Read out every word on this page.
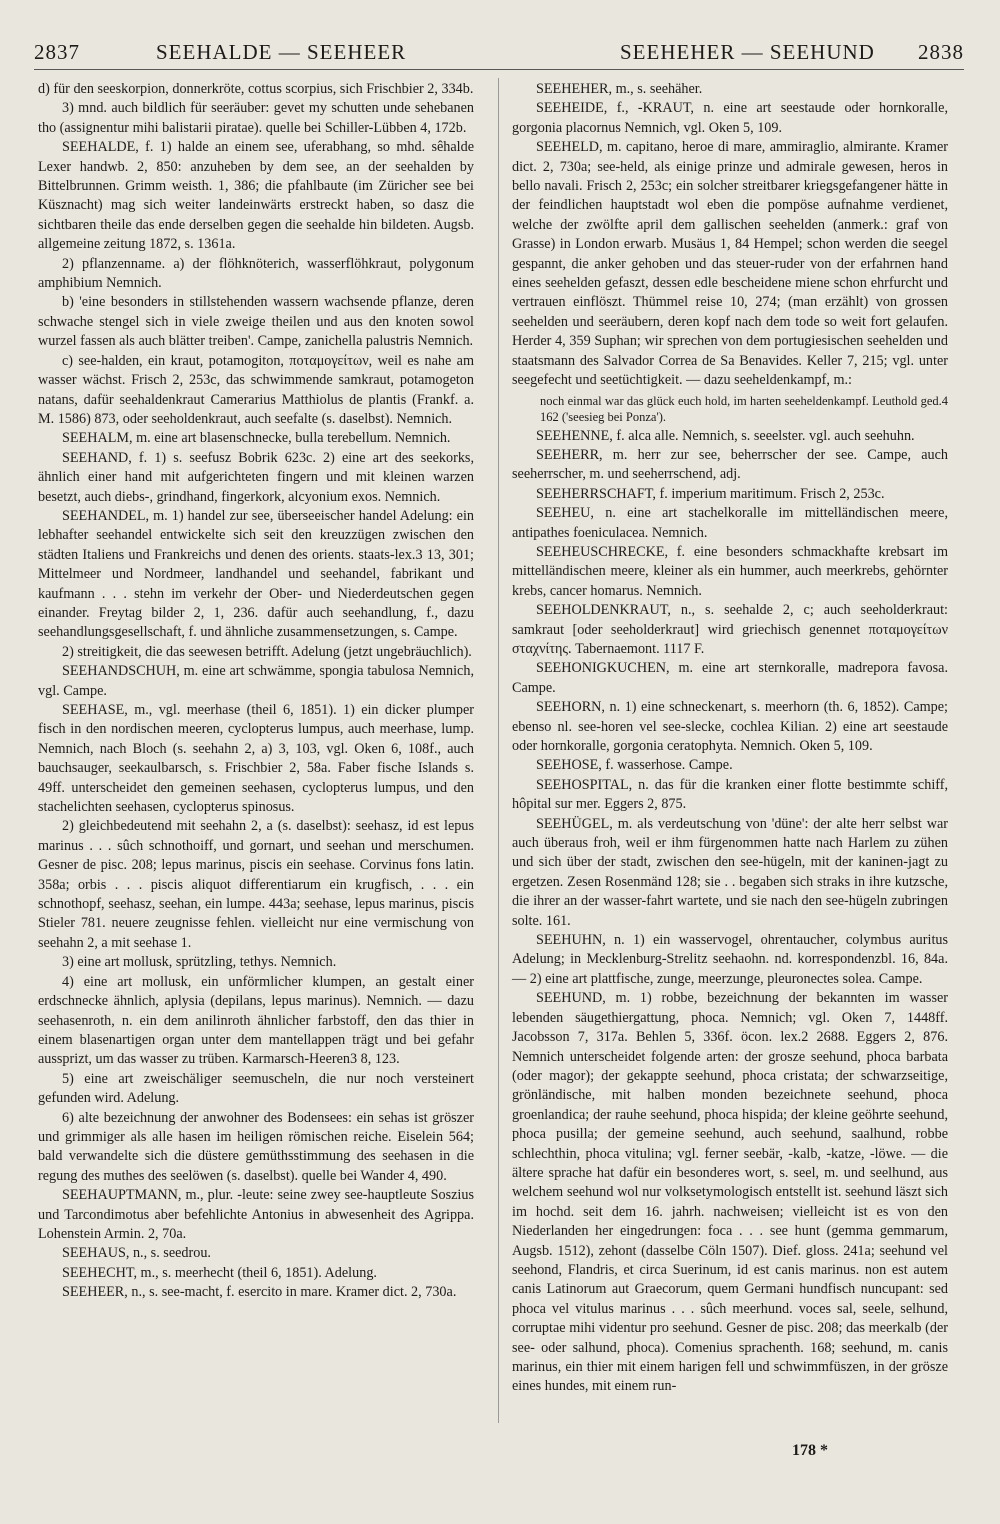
2837	SEEHALDE — SEEHEER	SEEHEHER — SEEHUND 2838

d) für den seeskorpion, donnerkröte, cottus scorpius, sich Frischbier 2, 334b.

3) mnd. auch bildlich für seeräuber: gevet my schutten unde sehebanen tho (assignentur mihi balistarii piratae). quelle bei Schiller-Lübben 4, 172b.

SEEHALDE, f. 1) halde an einem see, uferabhang, so mhd. sêhalde Lexer handwb. 2, 850: anzuheben by dem see, an der seehalden by Bittelbrunnen. Grimm weisth. 1, 386; die pfahlbaute (im Züricher see bei Küsznacht) mag sich weiter landeinwärts erstreckt haben, so dasz die sichtbaren theile das ende derselben gegen die seehalde hin bildeten. Augsb. allgemeine zeitung 1872, s. 1361a.

2) pflanzenname. a) der flöhknöterich, wasserflöhkraut, polygonum amphibium Nemnich.

b) 'eine besonders in stillstehenden wassern wachsende pflanze, deren schwache stengel sich in viele zweige theilen und aus den knoten sowol wurzel fassen als auch blätter treiben'. Campe, zanichella palustris Nemnich.

c) see-halden, ein kraut, potamogiton, ποταμογείτων, weil es nahe am wasser wächst. Frisch 2, 253c, das schwimmende samkraut, potamogeton natans, dafür seehaldenkraut Camerarius Matthiolus de plantis (Frankf. a. M. 1586) 873, oder seeholdenkraut, auch seefalte (s. daselbst). Nemnich.

SEEHALM, m. eine art blasenschnecke, bulla terebellum. Nemnich.

SEEHAND, f. 1) s. seefusz Bobrik 623c. 2) eine art des seekorks, ähnlich einer hand mit aufgerichteten fingern und mit kleinen warzen besetzt, auch diebs-, grindhand, fingerkork, alcyonium exos. Nemnich.

SEEHANDEL, m. 1) handel zur see, überseeischer handel Adelung: ein lebhafter seehandel entwickelte sich seit den kreuzzügen zwischen den städten Italiens und Frankreichs und denen des orients. staats-lex.3 13, 301; Mittelmeer und Nordmeer, landhandel und seehandel, fabrikant und kaufmann . . . stehn im verkehr der Ober- und Niederdeutschen gegen einander. Freytag bilder 2, 1, 236. dafür auch seehandlung, f., dazu seehandlungsgesellschaft, f. und ähnliche zusammensetzungen, s. Campe.

2) streitigkeit, die das seewesen betrifft. Adelung (jetzt ungebräuchlich).

SEEHANDSCHUH, m. eine art schwämme, spongia tabulosa Nemnich, vgl. Campe.

SEEHASE, m., vgl. meerhase (theil 6, 1851). 1) ein dicker plumper fisch in den nordischen meeren, cyclopterus lumpus, auch meerhase, lump. Nemnich, nach Bloch (s. seehahn 2, a) 3, 103, vgl. Oken 6, 108f., auch bauchsauger, seekaulbarsch, s. Frischbier 2, 58a. Faber fische Islands s. 49ff. unterscheidet den gemeinen seehasen, cyclopterus lumpus, und den stachelichten seehasen, cyclopterus spinosus.

2) gleichbedeutend mit seehahn 2, a (s. daselbst): seehasz, id est lepus marinus . . . sûch schnothoiff, und gornart, und seehan und merschumen. Gesner de pisc. 208; lepus marinus, piscis ein seehase. Corvinus fons latin. 358a; orbis . . . piscis aliquot differentiarum ein krugfisch, . . . ein schnothopf, seehasz, seehan, ein lumpe. 443a; seehase, lepus marinus, piscis Stieler 781. neuere zeugnisse fehlen. vielleicht nur eine vermischung von seehahn 2, a mit seehase 1.

3) eine art mollusk, sprützling, tethys. Nemnich.

4) eine art mollusk, ein unförmlicher klumpen, an gestalt einer erdschnecke ähnlich, aplysia (depilans, lepus marinus). Nemnich. — dazu seehasenroth, n. ein dem anilinroth ähnlicher farbstoff, den das thier in einem blasenartigen organ unter dem mantellappen trägt und bei gefahr aussprizt, um das wasser zu trüben. Karmarsch-Heeren3 8, 123.

5) eine art zweischäliger seemuscheln, die nur noch versteinert gefunden wird. Adelung.

6) alte bezeichnung der anwohner des Bodensees: ein sehas ist gröszer und grimmiger als alle hasen im heiligen römischen reiche. Eiselein 564; bald verwandelte sich die düstere gemüthsstimmung des seehasen in die regung des muthes des seelöwen (s. daselbst). quelle bei Wander 4, 490.

SEEHAUPTMANN, m., plur. -leute: seine zwey see-hauptleute Soszius und Tarcondimotus aber befehlichte Antonius in abwesenheit des Agrippa. Lohenstein Armin. 2, 70a.

SEEHAUS, n., s. seedrou.

SEEHECHT, m., s. meerhecht (theil 6, 1851). Adelung.

SEEHEER, n., s. see-macht, f. esercito in mare. Kramer dict. 2, 730a.

SEEHEHER, m., s. seehäher.

SEEHEIDE, f., -KRAUT, n. eine art seestaude oder hornkoralle, gorgonia placornus Nemnich, vgl. Oken 5, 109.

SEEHELD, m. capitano, heroe di mare, ammiraglio, almirante. Kramer dict. 2, 730a; see-held, als einige prinze und admirale gewesen, heros in bello navali. Frisch 2, 253c; ein solcher streitbarer kriegsgefangener hätte in der feindlichen hauptstadt wol eben die pompöse aufnahme verdienet, welche der zwölfte april dem gallischen seehelden (anmerk.: graf von Grasse) in London erwarb. Musäus 1, 84 Hempel; schon werden die seegel gespannt, die anker gehoben und das steuer-ruder von der erfahrnen hand eines seehelden gefaszt, dessen edle bescheidene miene schon ehrfurcht und vertrauen einflöszt. Thümmel reise 10, 274; (man erzählt) von grossen seehelden und seeräubern, deren kopf nach dem tode so weit fort gelaufen. Herder 4, 359 Suphan; wir sprechen von dem portugiesischen seehelden und staatsmann des Salvador Correa de Sa Benavides. Keller 7, 215; vgl. unter seegefecht und seetüchtigkeit. — dazu seeheldenkampf, m.:

noch einmal war das glück euch hold, im harten seeheldenkampf. Leuthold ged.4 162 ('seesieg bei Ponza').

SEEHENNE, f. alca alle. Nemnich, s. seeelster. vgl. auch seehuhn.

SEEHERR, m. herr zur see, beherrscher der see. Campe, auch seeherrscher, m. und seeherrschend, adj.

SEEHERRSCHAFT, f. imperium maritimum. Frisch 2, 253c.

SEEHEU, n. eine art stachelkoralle im mittelländischen meere, antipathes foeniculacea. Nemnich.

SEEHEUSCHRECKE, f. eine besonders schmackhafte krebsart im mittelländischen meere, kleiner als ein hummer, auch meerkrebs, gehörnter krebs, cancer homarus. Nemnich.

SEEHOLDENKRAUT, n., s. seehalde 2, c; auch seeholderkraut: samkraut [oder seeholderkraut] wird griechisch genennet ποταμογείτων σταχνίτης. Tabernaemont. 1117 F.

SEEHONIGKUCHEN, m. eine art sternkoralle, madrepora favosa. Campe.

SEEHORN, n. 1) eine schneckenart, s. meerhorn (th. 6, 1852). Campe; ebenso nl. see-horen vel see-slecke, cochlea Kilian. 2) eine art seestaude oder hornkoralle, gorgonia ceratophyta. Nemnich. Oken 5, 109.

SEEHOSE, f. wasserhose. Campe.

SEEHOSPITAL, n. das für die kranken einer flotte bestimmte schiff, hôpital sur mer. Eggers 2, 875.

SEEHÜGEL, m. als verdeutschung von 'düne': der alte herr selbst war auch überaus froh, weil er ihm fürgenommen hatte nach Harlem zu zühen und sich über der stadt, zwischen den see-hügeln, mit der kaninen-jagt zu ergetzen. Zesen Rosenmänd 128; sie . . begaben sich straks in ihre kutzsche, die ihrer an der wasser-fahrt wartete, und sie nach den see-hügeln zubringen solte. 161.

SEEHUHN, n. 1) ein wasservogel, ohrentaucher, colymbus auritus Adelung; in Mecklenburg-Strelitz seehaohn. nd. korrespondenzbl. 16, 84a. — 2) eine art plattfische, zunge, meerzunge, pleuronectes solea. Campe.

SEEHUND, m. 1) robbe, bezeichnung der bekannten im wasser lebenden säugethiergattung, phoca. Nemnich; vgl. Oken 7, 1448ff. Jacobsson 7, 317a. Behlen 5, 336f. öcon. lex.2 2688. Eggers 2, 876. Nemnich unterscheidet folgende arten: der grosze seehund, phoca barbata (oder magor); der gekappte seehund, phoca cristata; der schwarzseitige, grönländische, mit halben monden bezeichnete seehund, phoca groenlandica; der rauhe seehund, phoca hispida; der kleine geöhrte seehund, phoca pusilla; der gemeine seehund, auch seehund, saalhund, robbe schlechthin, phoca vitulina; vgl. ferner seebär, -kalb, -katze, -löwe. — die ältere sprache hat dafür ein besonderes wort, s. seel, m. und seelhund, aus welchem seehund wol nur volksetymologisch entstellt ist. seehund läszt sich im hochd. seit dem 16. jahrh. nachweisen; vielleicht ist es von den Niederlanden her eingedrungen: foca . . . see hunt (gemma gemmarum, Augsb. 1512), zehont (dasselbe Cöln 1507). Dief. gloss. 241a; seehund vel seehond, Flandris, et circa Suerinum, id est canis marinus. non est autem canis Latinorum aut Graecorum, quem Germani hundfisch nuncupant: sed phoca vel vitulus marinus . . . sûch meerhund. voces sal, seele, selhund, corruptae mihi videntur pro seehund. Gesner de pisc. 208; das meerkalb (der see- oder salhund, phoca). Comenius sprachenth. 168; seehund, m. canis marinus, ein thier mit einem harigen fell und schwimmfüszen, in der grösze eines hundes, mit einem run-

178 *
